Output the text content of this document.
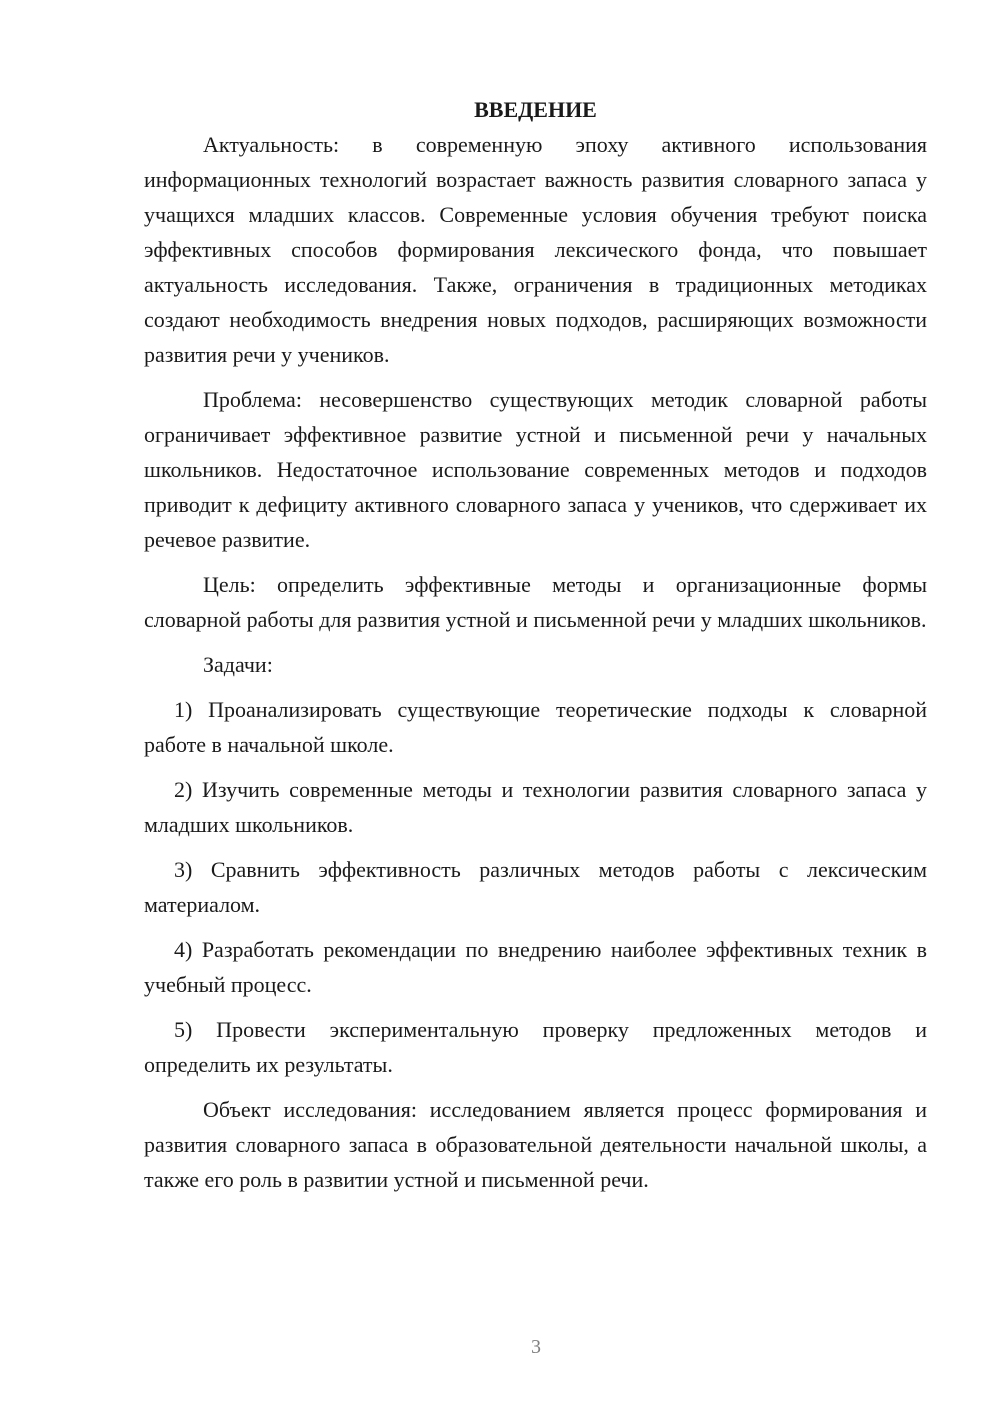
ВВЕДЕНИЕ

Актуальность: в современную эпоху активного использования информационных технологий возрастает важность развития словарного запаса у учащихся младших классов. Современные условия обучения требуют поиска эффективных способов формирования лексического фонда, что повышает актуальность исследования. Также, ограничения в традиционных методиках создают необходимость внедрения новых подходов, расширяющих возможности развития речи у учеников.

Проблема: несовершенство существующих методик словарной работы ограничивает эффективное развитие устной и письменной речи у начальных школьников. Недостаточное использование современных методов и подходов приводит к дефициту активного словарного запаса у учеников, что сдерживает их речевое развитие.

Цель: определить эффективные методы и организационные формы словарной работы для развития устной и письменной речи у младших школьников.

Задачи:

1) Проанализировать существующие теоретические подходы к словарной работе в начальной школе.

2) Изучить современные методы и технологии развития словарного запаса у младших школьников.

3) Сравнить эффективность различных методов работы с лексическим материалом.

4) Разработать рекомендации по внедрению наиболее эффективных техник в учебный процесс.

5) Провести экспериментальную проверку предложенных методов и определить их результаты.

Объект исследования: исследованием является процесс формирования и развития словарного запаса в образовательной деятельности начальной школы, а также его роль в развитии устной и письменной речи.

3
